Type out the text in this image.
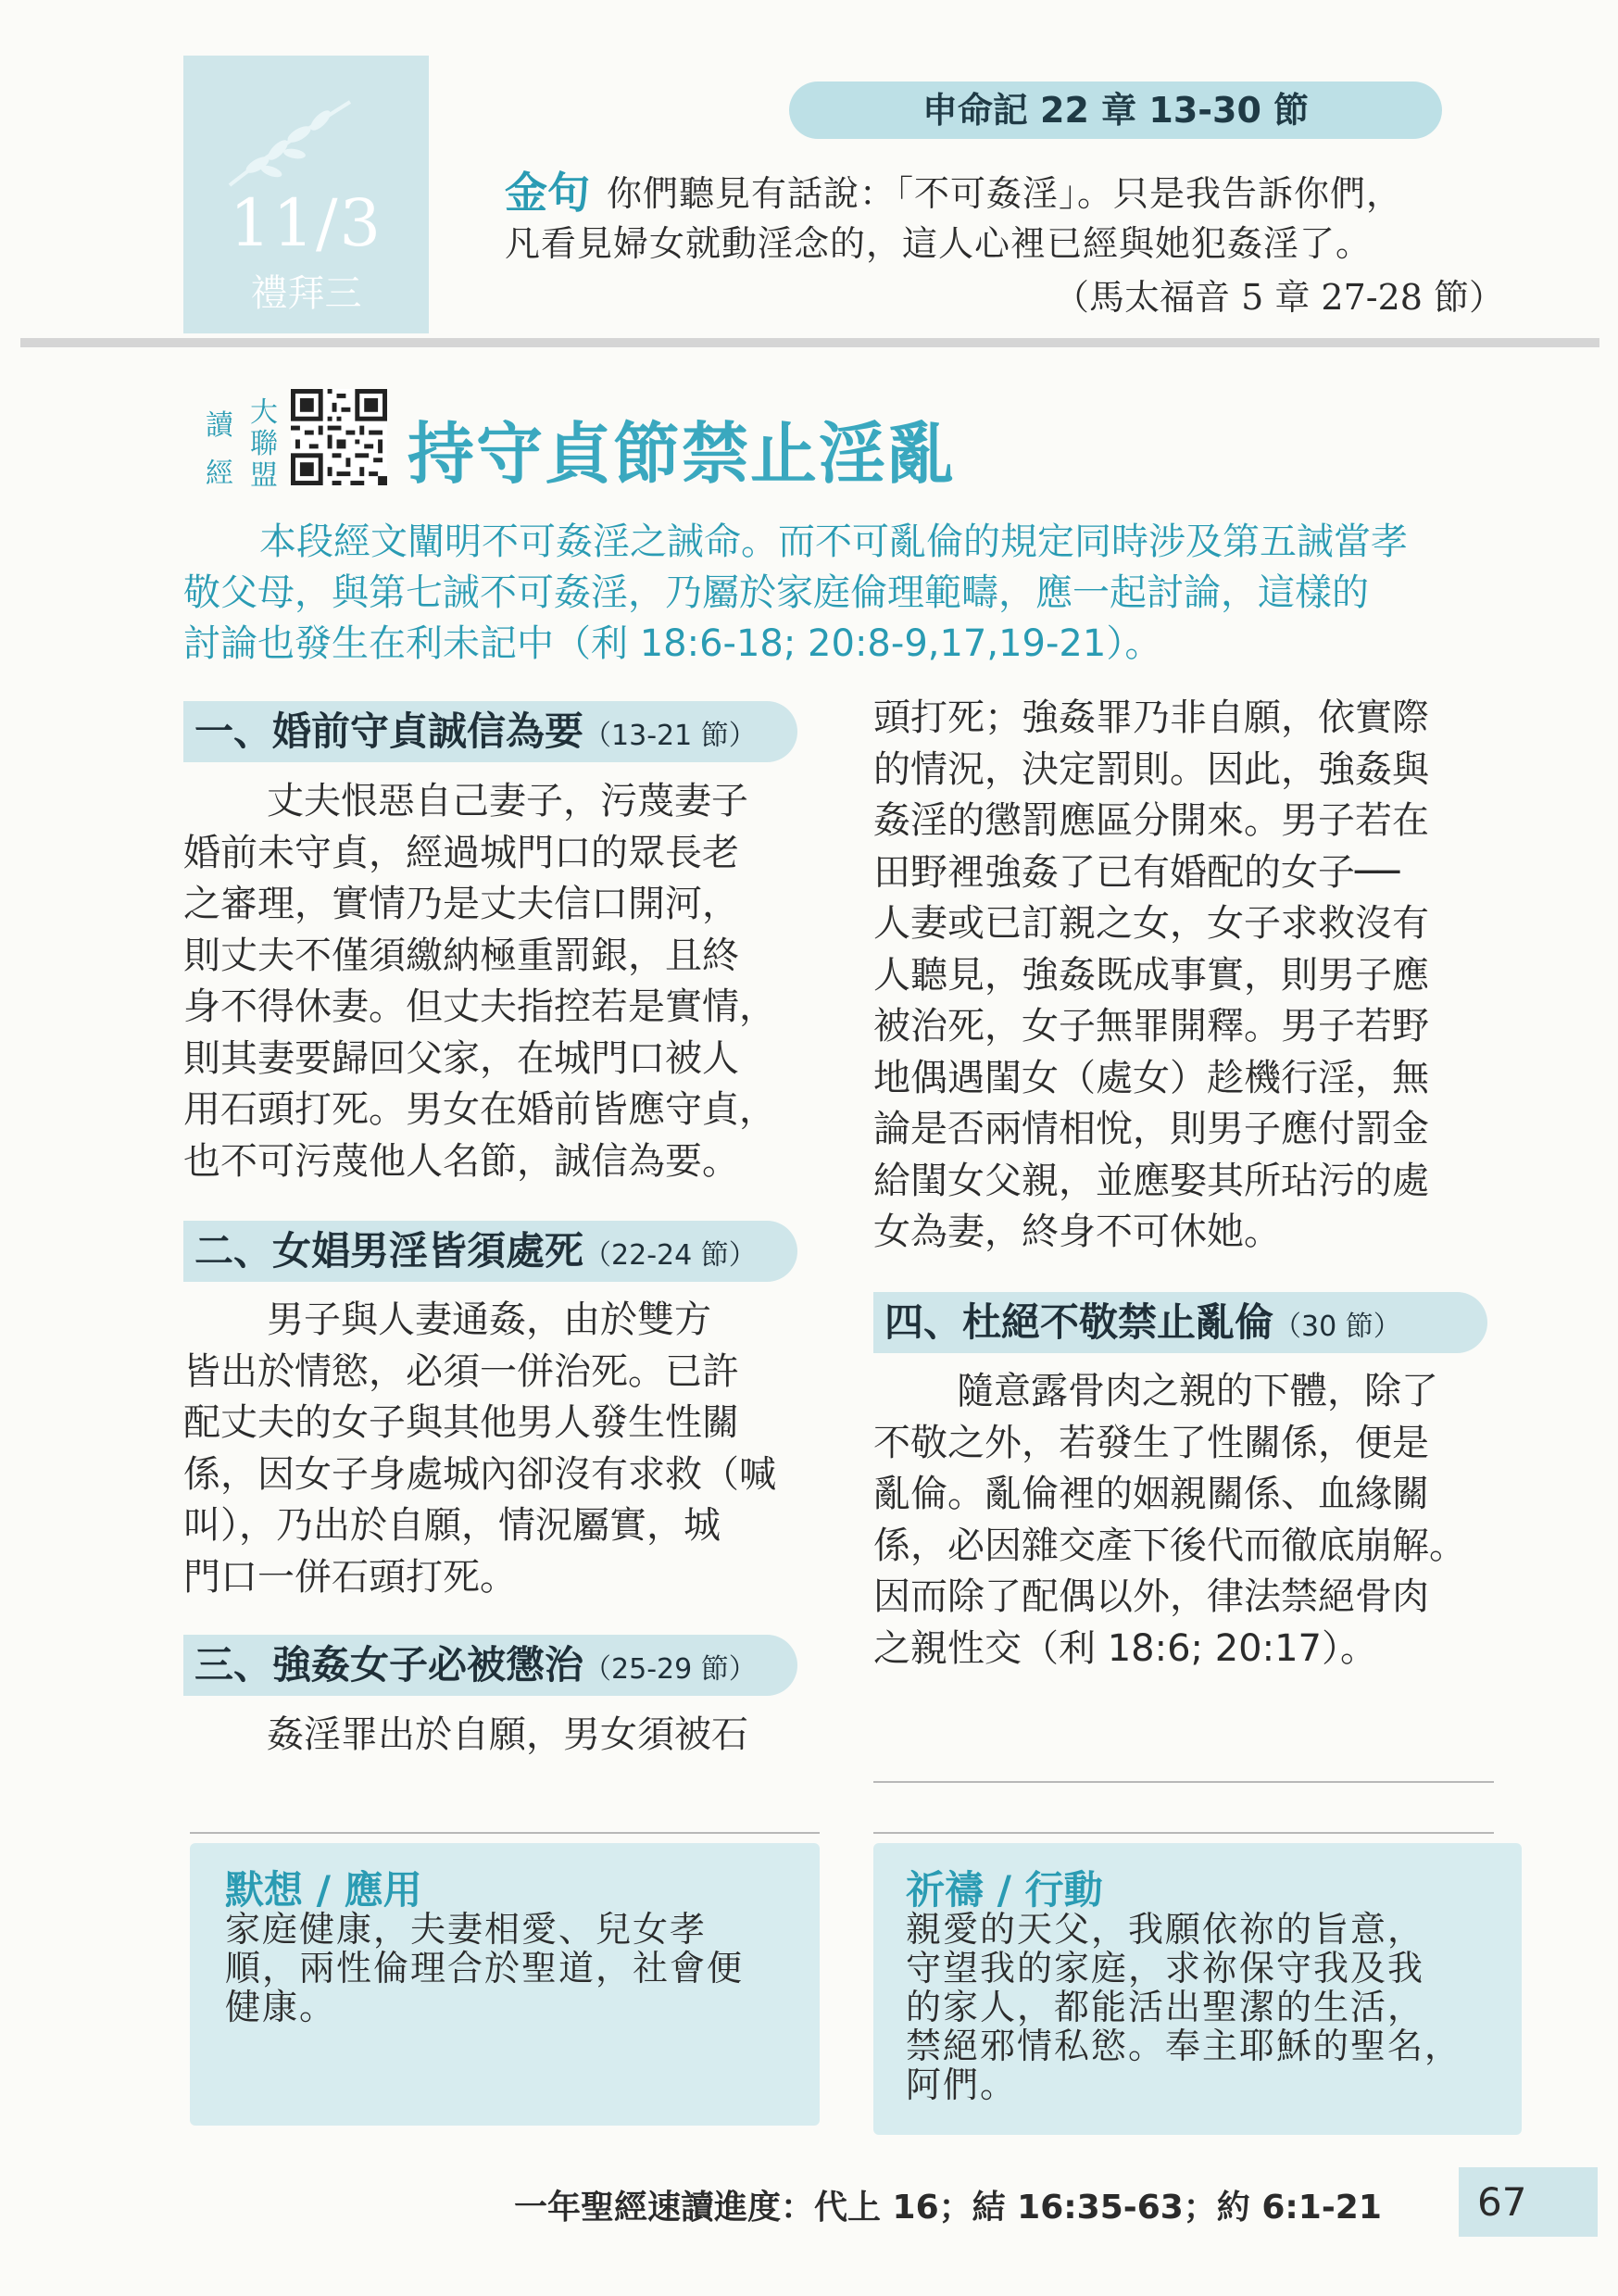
11/3
禮拜三
申命記 22 章 13-30 節
金句 你們聽見有話說：「不可姦淫」。只是我告訴你們，
凡看見婦女就動淫念的，這人心裡已經與她犯姦淫了。
（馬太福音 5 章 27-28 節）
讀
經
大
聯
盟 持守貞節禁止淫亂
本段經文闡明不可姦淫之誡命。而不可亂倫的規定同時涉及第五誡當孝
敬父母，與第七誡不可姦淫，乃屬於家庭倫理範疇，應一起討論，這樣的
討論也發生在利未記中（利 18:6-18; 20:8-9,17,19-21）。
一、婚前守貞誠信為要（13-21 節）
丈夫恨惡自己妻子，污蔑妻子
婚前未守貞，經過城門口的眾長老
之審理，實情乃是丈夫信口開河，
則丈夫不僅須繳納極重罰銀，且終
身不得休妻。但丈夫指控若是實情，
則其妻要歸回父家，在城門口被人
用石頭打死。男女在婚前皆應守貞，
也不可污蔑他人名節，誠信為要。
二、女娼男淫皆須處死（22-24 節）
男子與人妻通姦，由於雙方
皆出於情慾，必須一併治死。已許
配丈夫的女子與其他男人發生性關
係，因女子身處城內卻沒有求救（喊
叫），乃出於自願，情況屬實，城
門口一併石頭打死。
三、強姦女子必被懲治（25-29 節）
姦淫罪出於自願，男女須被石
頭打死；強姦罪乃非自願，依實際
的情況，決定罰則。因此，強姦與
姦淫的懲罰應區分開來。男子若在
田野裡強姦了已有婚配的女子──
人妻或已訂親之女，女子求救沒有
人聽見，強姦既成事實，則男子應
被治死，女子無罪開釋。男子若野
地偶遇閨女（處女）趁機行淫，無
論是否兩情相悅，則男子應付罰金
給閨女父親，並應娶其所玷污的處
女為妻，終身不可休她。
四、杜絕不敬禁止亂倫（30 節）
隨意露骨肉之親的下體，除了
不敬之外，若發生了性關係，便是
亂倫。亂倫裡的姻親關係、血緣關
係，必因雜交產下後代而徹底崩解。
因而除了配偶以外，律法禁絕骨肉
之親性交（利 18:6; 20:17）。
默想 / 應用
家庭健康，夫妻相愛、兒女孝
順，兩性倫理合於聖道，社會便
健康。
祈禱 / 行動
親愛的天父，我願依祢的旨意，
守望我的家庭，求祢保守我及我
的家人，都能活出聖潔的生活，
禁絕邪情私慾。奉主耶穌的聖名，
阿們。
一年聖經速讀進度：代上 16；結 16:35-63；約 6:1-21	67
